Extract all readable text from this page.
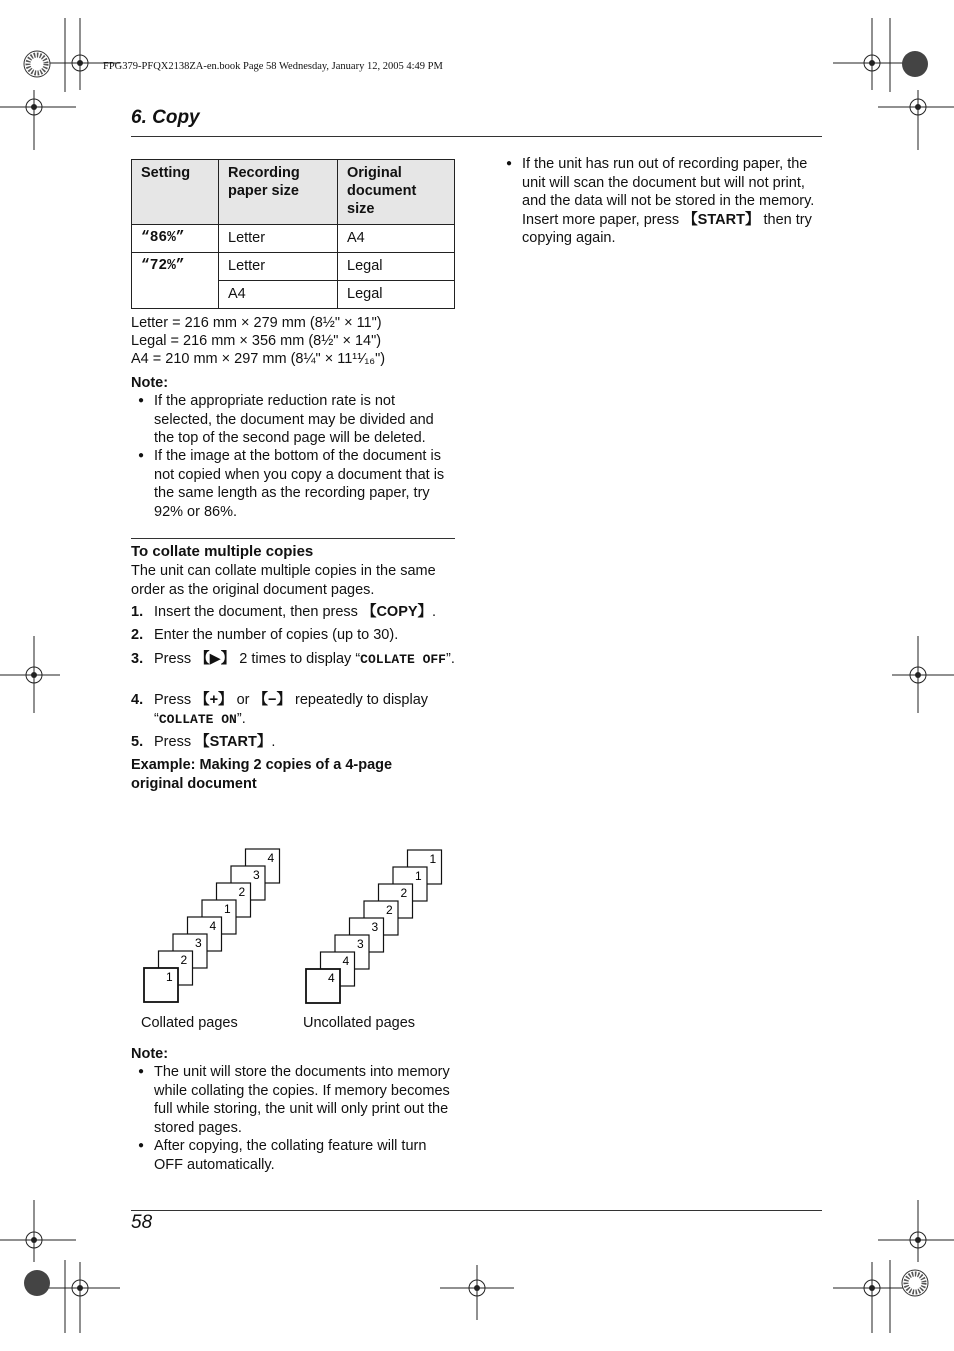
FPG379-PFQX2138ZA-en.book Page 58 Wednesday, January 12, 2005 4:49 PM
6. Copy
Setting	Recording paper size	Original document size
“86%”	Letter	A4
“72%”	Letter	Legal
	A4	Legal
Letter = 216 mm × 279 mm (8½" × 11")
Legal = 216 mm × 356 mm (8½" × 14")
A4 = 210 mm × 297 mm (8¼" × 11¹¹⁄₁₆")
Note:
● If the appropriate reduction rate is not selected, the document may be divided and the top of the second page will be deleted.
● If the image at the bottom of the document is not copied when you copy a document that is the same length as the recording paper, try 92% or 86%.
To collate multiple copies
The unit can collate multiple copies in the same order as the original document pages.
1. Insert the document, then press 【COPY】.
2. Enter the number of copies (up to 30).
3. Press 【▶】 2 times to display “COLLATE OFF”.
4. Press 【+】 or 【−】 repeatedly to display “COLLATE ON”.
5. Press 【START】.
Example: Making 2 copies of a 4-page original document
4
3
2
1
4
3
2
1
1
1
2
2
3
3
4
4
Collated pages	Uncollated pages
Note:
● The unit will store the documents into memory while collating the copies. If memory becomes full while storing, the unit will only print out the stored pages.
● After copying, the collating feature will turn OFF automatically.
● If the unit has run out of recording paper, the unit will scan the document but will not print, and the data will not be stored in the memory. Insert more paper, press 【START】 then try copying again.
58
